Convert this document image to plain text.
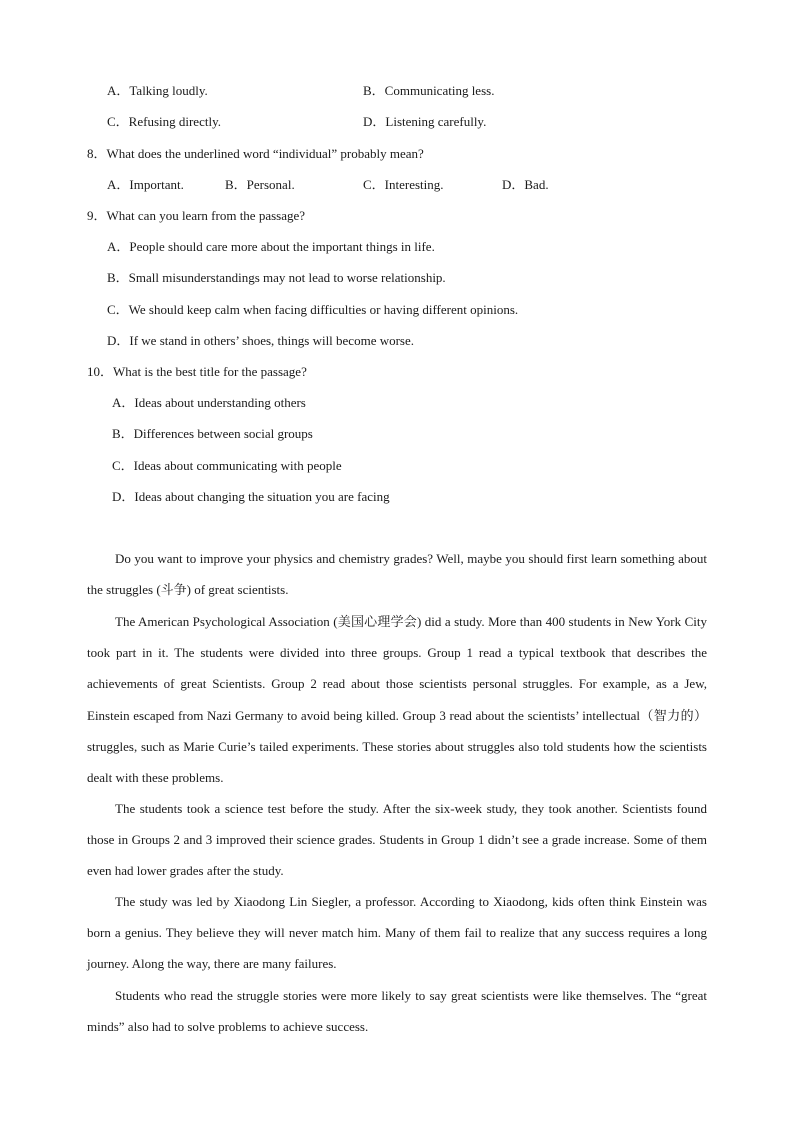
A．Talking loudly.	B．Communicating less.
C．Refusing directly.	D．Listening carefully.
8．What does the underlined word “individual” probably mean?
A．Important.	B．Personal.	C．Interesting.	D．Bad.
9．What can you learn from the passage?
A．People should care more about the important things in life.
B．Small misunderstandings may not lead to worse relationship.
C．We should keep calm when facing difficulties or having different opinions.
D．If we stand in others’ shoes, things will become worse.
10．What is the best title for the passage?
A．Ideas about understanding others
B．Differences between social groups
C．Ideas about communicating with people
D．Ideas about changing the situation you are facing

Do you want to improve your physics and chemistry grades? Well, maybe you should first learn something about the struggles (斗争) of great scientists.

The American Psychological Association (美国心理学会) did a study. More than 400 students in New York City took part in it. The students were divided into three groups. Group 1 read a typical textbook that describes the achievements of great Scientists. Group 2 read about those scientists personal struggles. For example, as a Jew, Einstein escaped from Nazi Germany to avoid being killed. Group 3 read about the scientists’ intellectual（智力的）struggles, such as Marie Curie’s tailed experiments. These stories about struggles also told students how the scientists dealt with these problems.

The students took a science test before the study. After the six-week study, they took another. Scientists found those in Groups 2 and 3 improved their science grades. Students in Group 1 didn’t see a grade increase. Some of them even had lower grades after the study.

The study was led by Xiaodong Lin Siegler, a professor. According to Xiaodong, kids often think Einstein was born a genius. They believe they will never match him. Many of them fail to realize that any success requires a long journey. Along the way, there are many failures.

Students who read the struggle stories were more likely to say great scientists were like themselves. The “great minds” also had to solve problems to achieve success.
